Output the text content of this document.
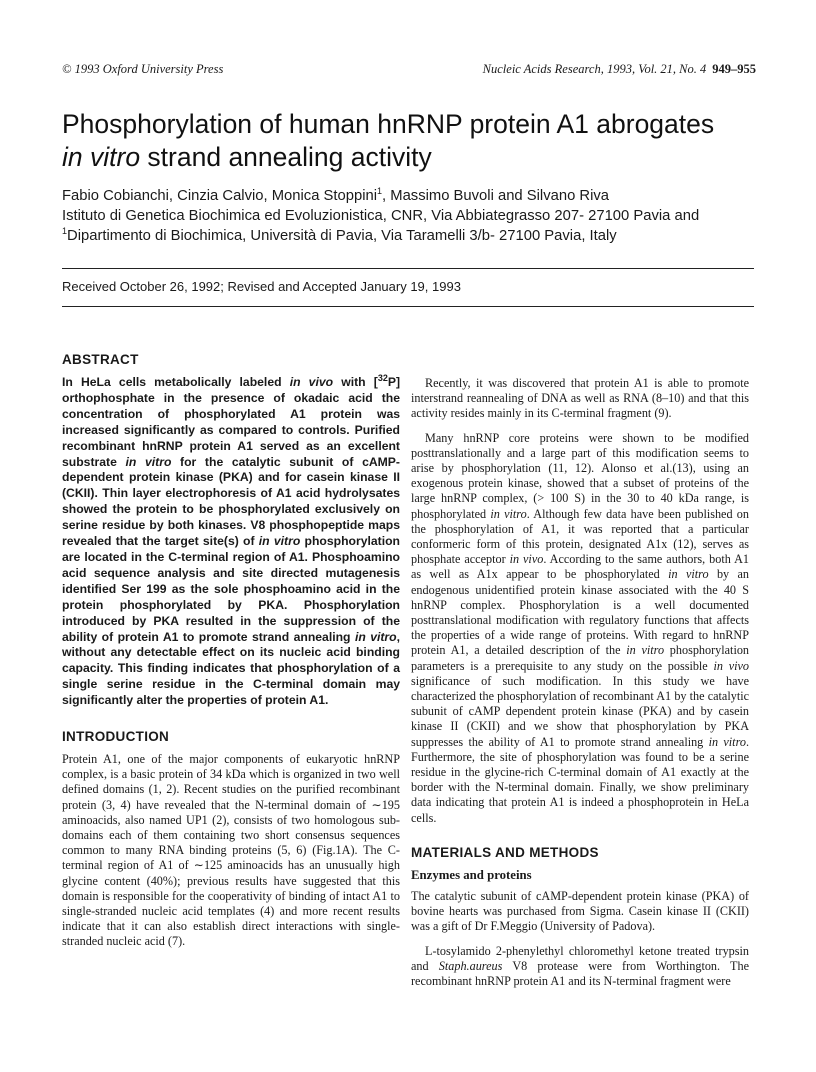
© 1993 Oxford University Press	Nucleic Acids Research, 1993, Vol. 21, No. 4 949–955
Phosphorylation of human hnRNP protein A1 abrogates
in vitro strand annealing activity

Fabio Cobianchi, Cinzia Calvio, Monica Stoppini$^1$, Massimo Buvoli and Silvano Riva

Istituto di Genetica Biochimica ed Evoluzionistica, CNR, Via Abbiategrasso 207- 27100 Pavia and

$^1$Dipartimento di Biochimica, Università di Pavia, Via Taramelli 3/b- 27100 Pavia, Italy

Received October 26, 1992; Revised and Accepted January 19, 1993
ABSTRACT

In HeLa cells metabolically labeled in vivo with [$^{32}$P] orthophosphate in the presence of okadaic acid the concentration of phosphorylated A1 protein was increased significantly as compared to controls. Purified recombinant hnRNP protein A1 served as an excellent substrate in vitro for the catalytic subunit of cAMP-dependent protein kinase (PKA) and for casein kinase II (CKII). Thin layer electrophoresis of A1 acid hydrolysates showed the protein to be phosphorylated exclusively on serine residue by both kinases. V8 phosphopeptide maps revealed that the target site(s) of in vitro phosphorylation are located in the C-terminal region of A1. Phosphoamino acid sequence analysis and site directed mutagenesis identified Ser 199 as the sole phosphoamino acid in the protein phosphorylated by PKA. Phosphorylation introduced by PKA resulted in the suppression of the ability of protein A1 to promote strand annealing in vitro, without any detectable effect on its nucleic acid binding capacity. This finding indicates that phosphorylation of a single serine residue in the C-terminal domain may significantly alter the properties of protein A1.

INTRODUCTION

Protein A1, one of the major components of eukaryotic hnRNP complex, is a basic protein of 34 kDa which is organized in two well defined domains (1, 2). Recent studies on the purified recombinant protein (3, 4) have revealed that the N-terminal domain of ∼195 aminoacids, also named UP1 (2), consists of two homologous sub-domains each of them containing two short consensus sequences common to many RNA binding proteins (5, 6) (Fig.1A). The C-terminal region of A1 of ∼125 aminoacids has an unusually high glycine content (40%); previous results have suggested that this domain is responsible for the cooperativity of binding of intact A1 to single-stranded nucleic acid templates (4) and more recent results indicate that it can also establish direct interactions with single-stranded nucleic acid (7).

Recently, it was discovered that protein A1 is able to promote interstrand reannealing of DNA as well as RNA (8–10) and that this activity resides mainly in its C-terminal fragment (9).

Many hnRNP core proteins were shown to be modified posttranslationally and a large part of this modification seems to arise by phosphorylation (11, 12). Alonso et al.(13), using an exogenous protein kinase, showed that a subset of proteins of the large hnRNP complex, (> 100 S) in the 30 to 40 kDa range, is phosphorylated in vitro. Although few data have been published on the phosphorylation of A1, it was reported that a particular conformeric form of this protein, designated A1x (12), serves as phosphate acceptor in vivo. According to the same authors, both A1 as well as A1x appear to be phosphorylated in vitro by an endogenous unidentified protein kinase associated with the 40 S hnRNP complex. Phosphorylation is a well documented posttranslational modification with regulatory functions that affects the properties of a wide range of proteins. With regard to hnRNP protein A1, a detailed description of the in vitro phosphorylation parameters is a prerequisite to any study on the possible in vivo significance of such modification. In this study we have characterized the phosphorylation of recombinant A1 by the catalytic subunit of cAMP dependent protein kinase (PKA) and by casein kinase II (CKII) and we show that phosphorylation by PKA suppresses the ability of A1 to promote strand annealing in vitro. Furthermore, the site of phosphorylation was found to be a serine residue in the glycine-rich C-terminal domain of A1 exactly at the border with the N-terminal domain. Finally, we show preliminary data indicating that protein A1 is indeed a phosphoprotein in HeLa cells.

MATERIALS AND METHODS
Enzymes and proteins

The catalytic subunit of cAMP-dependent protein kinase (PKA) of bovine hearts was purchased from Sigma. Casein kinase II (CKII) was a gift of Dr F.Meggio (University of Padova).

L-tosylamido 2-phenylethyl chloromethyl ketone treated trypsin and Staph.aureus V8 protease were from Worthington. The recombinant hnRNP protein A1 and its N-terminal fragment were
